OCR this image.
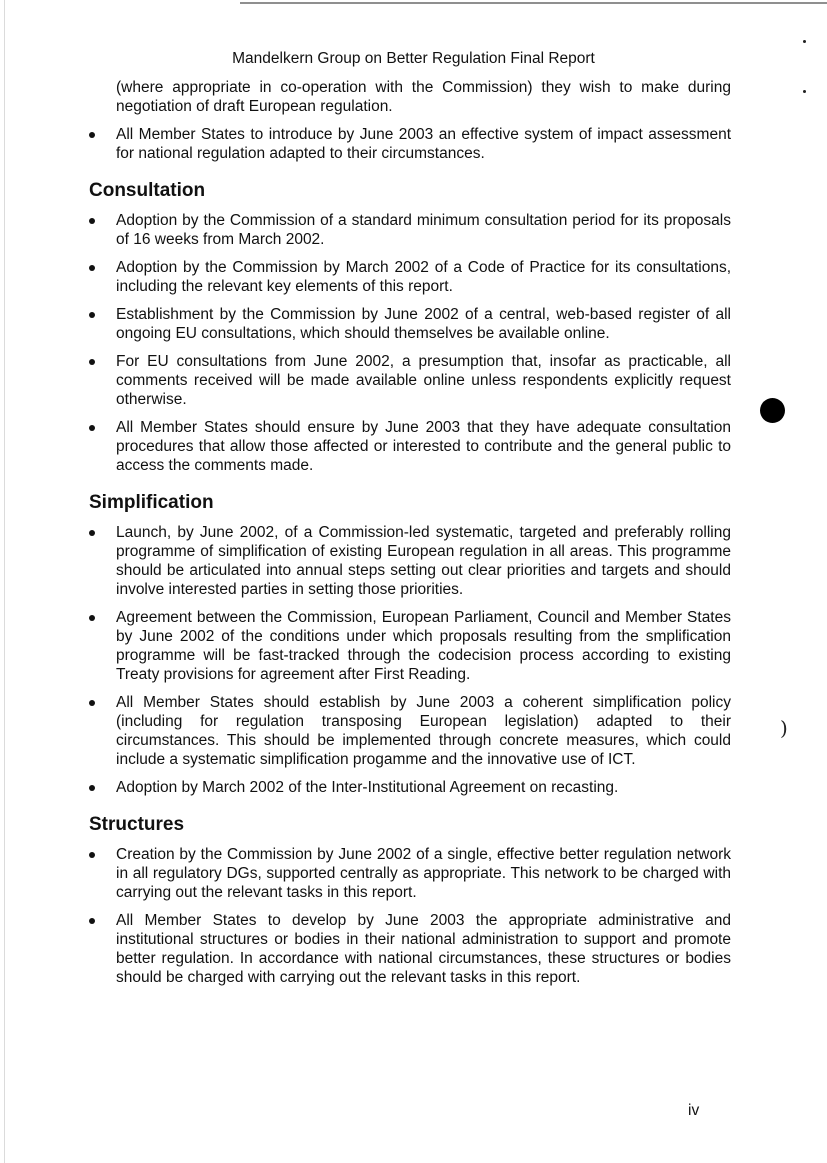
Mandelkern Group on Better Regulation Final Report

(where appropriate in co-operation with the Commission) they wish to make during negotiation of draft European regulation.

All Member States to introduce by June 2003 an effective system of impact assessment for national regulation adapted to their circumstances.

Consultation

Adoption by the Commission of a standard minimum consultation period for its proposals of 16 weeks from March 2002.

Adoption by the Commission by March 2002 of a Code of Practice for its consultations, including the relevant key elements of this report.

Establishment by the Commission by June 2002 of a central, web-based register of all ongoing EU consultations, which should themselves be available online.

For EU consultations from June 2002, a presumption that, insofar as practicable, all comments received will be made available online unless respondents explicitly request otherwise.

All Member States should ensure by June 2003 that they have adequate consultation procedures that allow those affected or interested to contribute and the general public to access the comments made.

Simplification

Launch, by June 2002, of a Commission-led systematic, targeted and preferably rolling programme of simplification of existing European regulation in all areas. This programme should be articulated into annual steps setting out clear priorities and targets and should involve interested parties in setting those priorities.

Agreement between the Commission, European Parliament, Council and Member States by June 2002 of the conditions under which proposals resulting from the smplification programme will be fast-tracked through the codecision process according to existing Treaty provisions for agreement after First Reading.

All Member States should establish by June 2003 a coherent simplification policy (including for regulation transposing European legislation) adapted to their circumstances. This should be implemented through concrete measures, which could include a systematic simplification progamme and the innovative use of ICT.

Adoption by March 2002 of the Inter-Institutional Agreement on recasting.

Structures

Creation by the Commission by June 2002 of a single, effective better regulation network in all regulatory DGs, supported centrally as appropriate. This network to be charged with carrying out the relevant tasks in this report.

All Member States to develop by June 2003 the appropriate administrative and institutional structures or bodies in their national administration to support and promote better regulation. In accordance with national circumstances, these structures or bodies should be charged with carrying out the relevant tasks in this report.

)
iv
